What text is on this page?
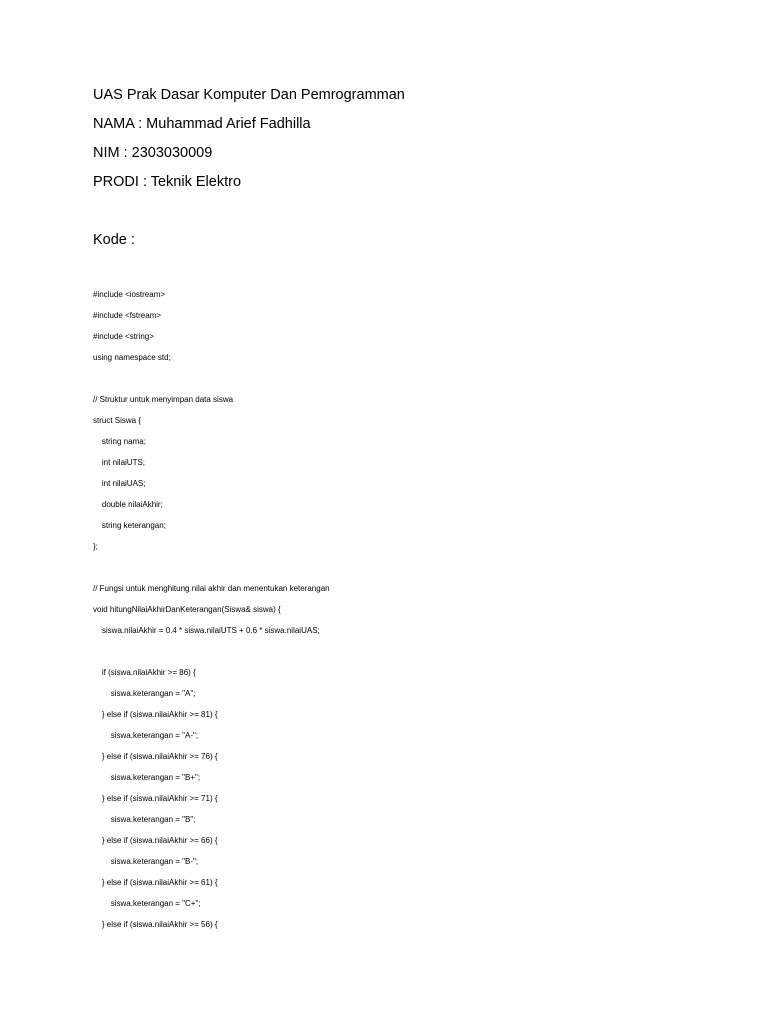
UAS Prak Dasar Komputer Dan Pemrogramman
NAMA : Muhammad Arief Fadhilla
NIM : 2303030009
PRODI : Teknik Elektro
Kode :
#include <iostream>
#include <fstream>
#include <string>
using namespace std;
// Struktur untuk menyimpan data siswa
struct Siswa {
string nama;
int nilaiUTS;
int nilaiUAS;
double nilaiAkhir;
string keterangan;
};
// Fungsi untuk menghitung nilai akhir dan menentukan keterangan
void hitungNilaiAkhirDanKeterangan(Siswa& siswa) {
siswa.nilaiAkhir = 0.4 * siswa.nilaiUTS + 0.6 * siswa.nilaiUAS;
if (siswa.nilaiAkhir >= 86) {
siswa.keterangan = "A";
} else if (siswa.nilaiAkhir >= 81) {
siswa.keterangan = "A-";
} else if (siswa.nilaiAkhir >= 76) {
siswa.keterangan = "B+";
} else if (siswa.nilaiAkhir >= 71) {
siswa.keterangan = "B";
} else if (siswa.nilaiAkhir >= 66) {
siswa.keterangan = "B-";
} else if (siswa.nilaiAkhir >= 61) {
siswa.keterangan = "C+";
} else if (siswa.nilaiAkhir >= 56) {
